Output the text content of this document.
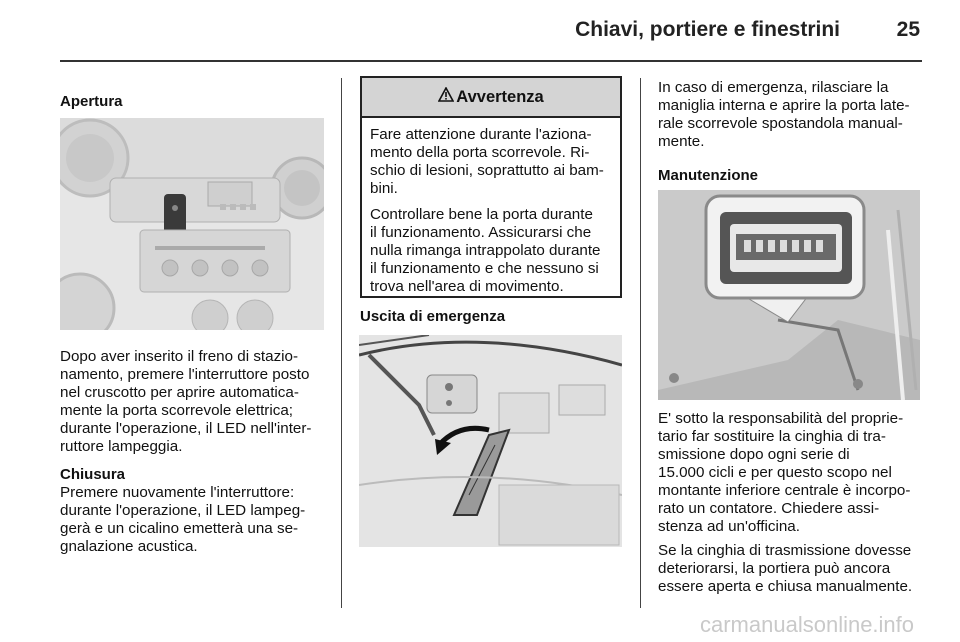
Chiavi, portiere e finestrini	25
Apertura

Dopo aver inserito il freno di stazio-
namento, premere l'interruttore posto
nel cruscotto per aprire automatica-
mente la porta scorrevole elettrica;
durante l'operazione, il LED nell'inter-
ruttore lampeggia.

Chiusura

Premere nuovamente l'interruttore:
durante l'operazione, il LED lampeg-
gerà e un cicalino emetterà una se-
gnalazione acustica.

Avvertenza

Fare attenzione durante l'aziona-
mento della porta scorrevole. Ri-
schio di lesioni, soprattutto ai bam-
bini.

Controllare bene la porta durante
il funzionamento. Assicurarsi che
nulla rimanga intrappolato durante
il funzionamento e che nessuno si
trova nell'area di movimento.

Uscita di emergenza

In caso di emergenza, rilasciare la
maniglia interna e aprire la porta late-
rale scorrevole spostandola manual-
mente.

Manutenzione

E' sotto la responsabilità del proprie-
tario far sostituire la cinghia di tra-
smissione dopo ogni serie di
15.000 cicli e per questo scopo nel
montante inferiore centrale è incorpo-
rato un contatore. Chiedere assi-
stenza ad un'officina.

Se la cinghia di trasmissione dovesse
deteriorarsi, la portiera può ancora
essere aperta e chiusa manualmente.

carmanualsonline.info
